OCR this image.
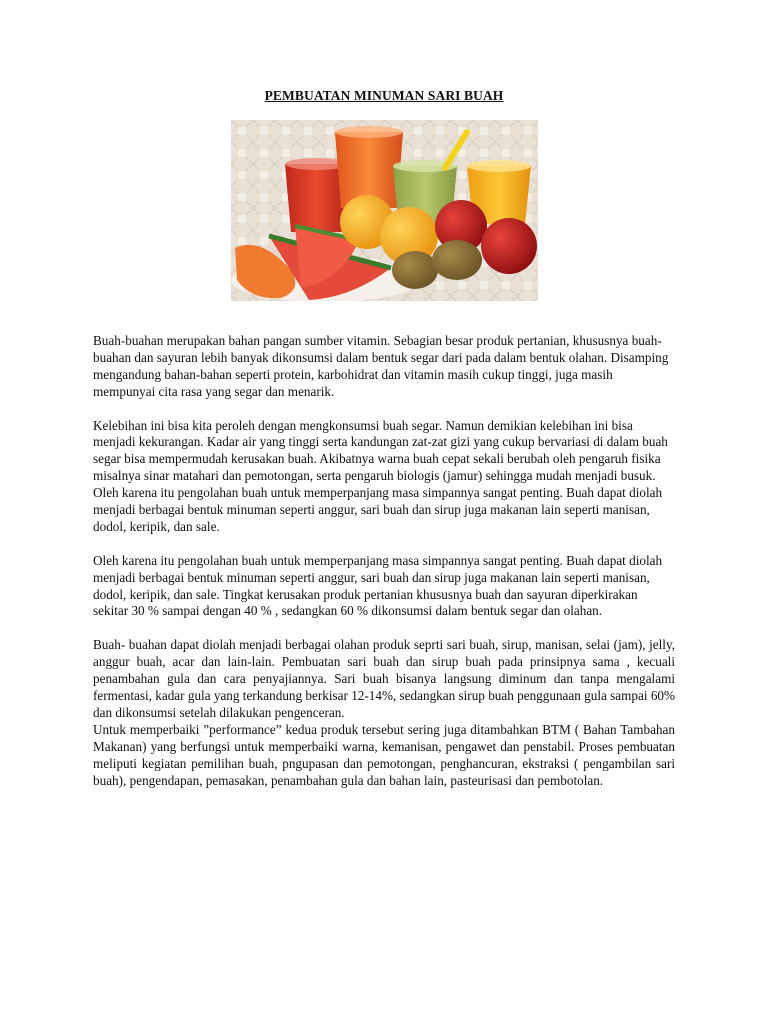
PEMBUATAN MINUMAN SARI BUAH

Buah-buahan merupakan bahan pangan sumber vitamin. Sebagian besar produk pertanian, khususnya buah-buahan dan sayuran lebih banyak dikonsumsi dalam bentuk segar dari pada dalam bentuk olahan. Disamping mengandung bahan-bahan seperti protein, karbohidrat dan vitamin masih cukup tinggi, juga masih mempunyai cita rasa yang segar dan menarik.

Kelebihan ini bisa kita peroleh dengan mengkonsumsi buah segar. Namun demikian kelebihan ini bisa menjadi kekurangan. Kadar air yang tinggi serta kandungan zat-zat gizi yang cukup bervariasi di dalam buah segar bisa mempermudah kerusakan buah. Akibatnya warna buah cepat sekali berubah oleh pengaruh fisika misalnya sinar matahari dan pemotongan, serta pengaruh biologis (jamur) sehingga mudah menjadi busuk. Oleh karena itu pengolahan buah untuk memperpanjang masa simpannya sangat penting. Buah dapat diolah menjadi berbagai bentuk minuman seperti anggur, sari buah dan sirup juga makanan lain seperti manisan, dodol, keripik, dan sale.

Oleh karena itu pengolahan buah untuk memperpanjang masa simpannya sangat penting. Buah dapat diolah menjadi berbagai bentuk minuman seperti anggur, sari buah dan sirup juga makanan lain seperti manisan, dodol, keripik, dan sale. Tingkat kerusakan produk pertanian khususnya buah dan sayuran diperkirakan sekitar 30 % sampai dengan 40 % , sedangkan 60 % dikonsumsi dalam bentuk segar dan olahan.

Buah- buahan dapat diolah menjadi berbagai olahan produk seprti sari buah, sirup, manisan, selai (jam), jelly, anggur buah, acar dan lain-lain. Pembuatan sari buah dan sirup buah pada prinsipnya sama , kecuali penambahan gula dan cara penyajiannya. Sari buah bisanya langsung diminum dan tanpa mengalami fermentasi, kadar gula yang terkandung berkisar 12-14%, sedangkan sirup buah penggunaan gula sampai 60% dan dikonsumsi setelah dilakukan pengenceran.

Untuk memperbaiki ”performance” kedua produk tersebut sering juga ditambahkan BTM ( Bahan Tambahan Makanan) yang berfungsi untuk memperbaiki warna, kemanisan, pengawet dan penstabil. Proses pembuatan meliputi kegiatan pemilihan buah, pngupasan dan pemotongan, penghancuran, ekstraksi ( pengambilan sari buah), pengendapan, pemasakan, penambahan gula dan bahan lain, pasteurisasi dan pembotolan.
